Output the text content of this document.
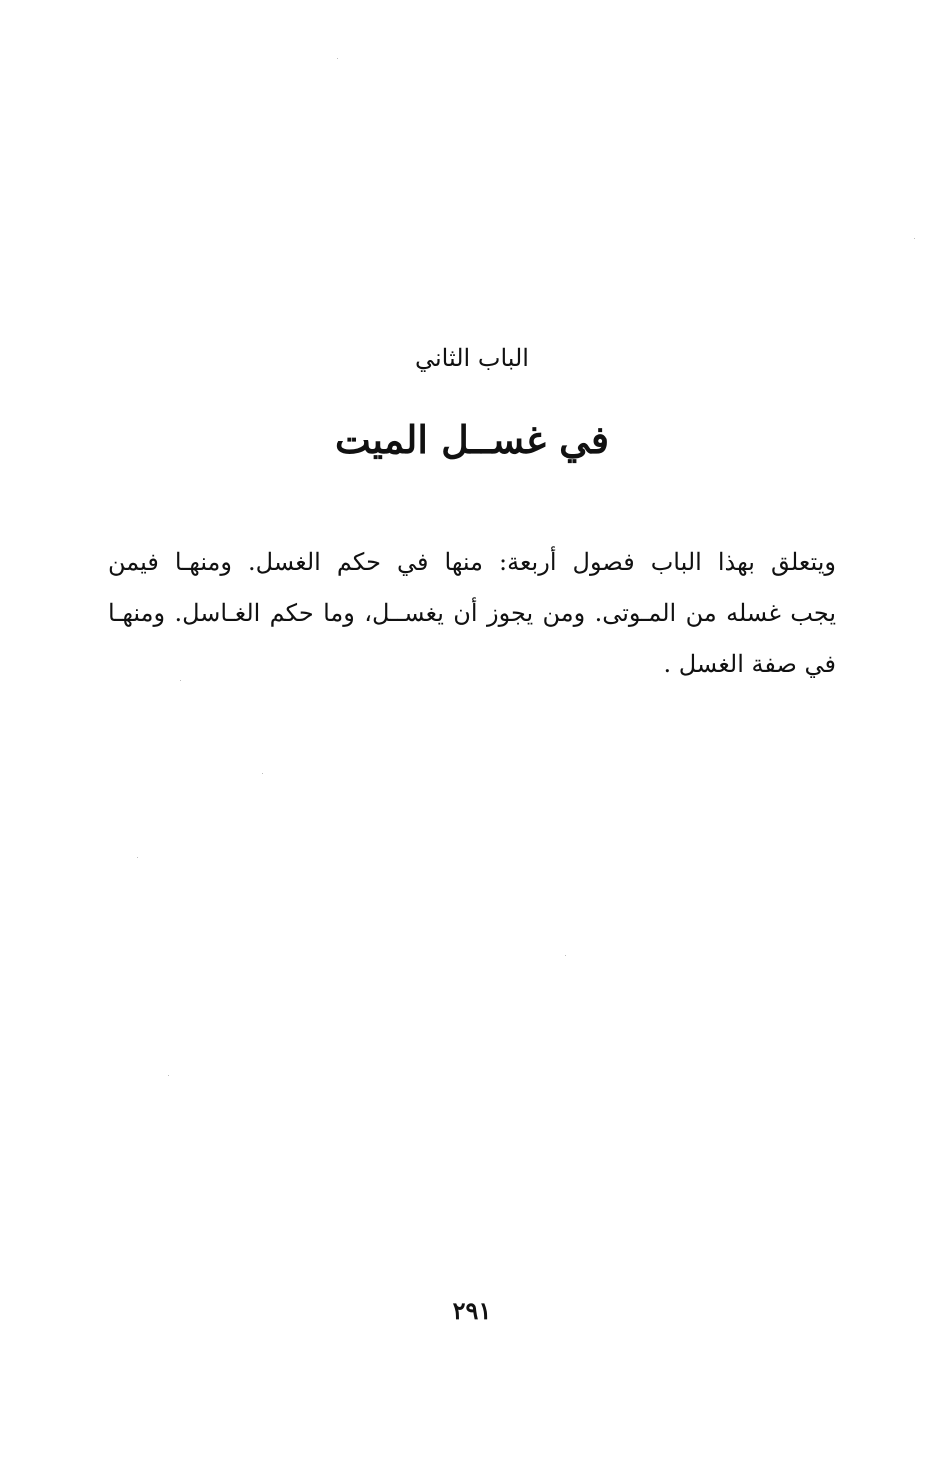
الباب الثاني
في غســل الميت
ويتعلق بهذا الباب فصول أربعة: منها في حكم الغسل. ومنهـا فيمن
يجب غسله من المـوتى. ومن يجوز أن يغســل، وما حكم الغـاسل. ومنهـا
في صفة الغسل .
٢٩١
